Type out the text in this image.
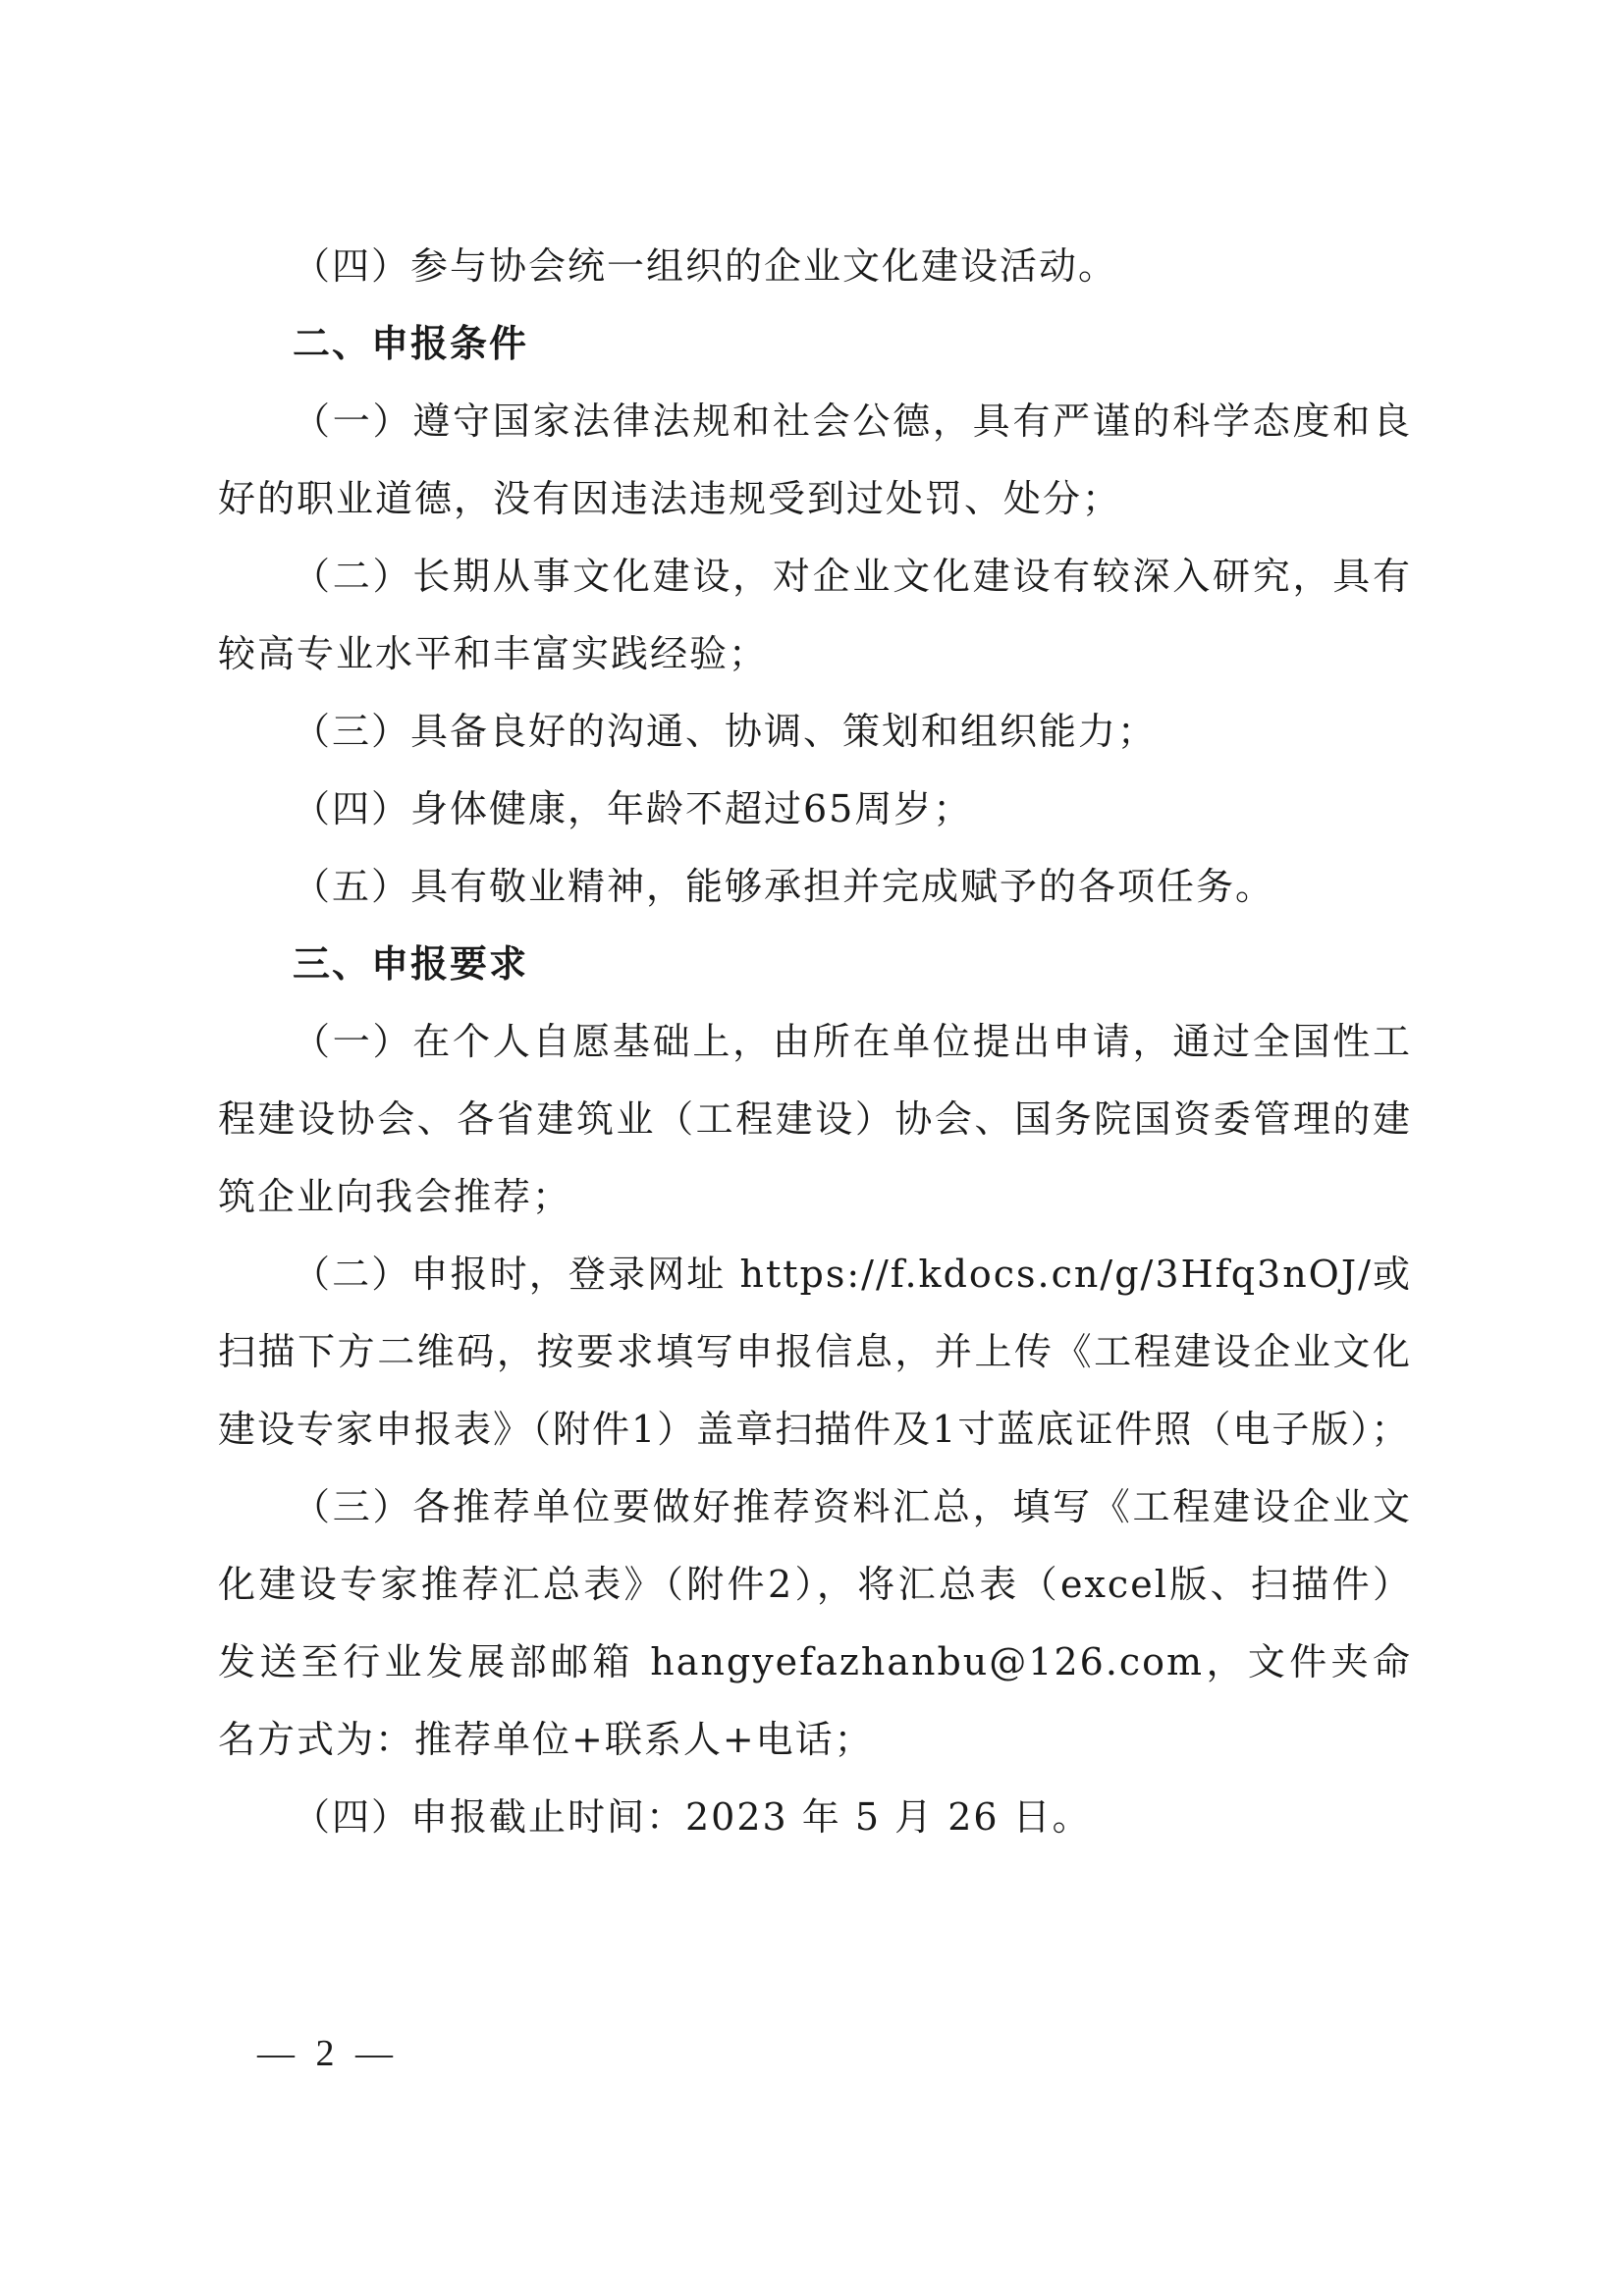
（四）参与协会统一组织的企业文化建设活动。

二、申报条件

（一）遵守国家法律法规和社会公德，具有严谨的科学态度和良好的职业道德，没有因违法违规受到过处罚、处分；

（二）长期从事文化建设，对企业文化建设有较深入研究，具有较高专业水平和丰富实践经验；

（三）具备良好的沟通、协调、策划和组织能力；

（四）身体健康，年龄不超过65周岁；

（五）具有敬业精神，能够承担并完成赋予的各项任务。

三、申报要求

（一）在个人自愿基础上，由所在单位提出申请，通过全国性工程建设协会、各省建筑业（工程建设）协会、国务院国资委管理的建筑企业向我会推荐；

（二）申报时，登录网址 https://f.kdocs.cn/g/3Hfq3nOJ/或扫描下方二维码，按要求填写申报信息，并上传《工程建设企业文化建设专家申报表》（附件1）盖章扫描件及1寸蓝底证件照（电子版）；

（三）各推荐单位要做好推荐资料汇总，填写《工程建设企业文化建设专家推荐汇总表》（附件2），将汇总表（excel版、扫描件）发送至行业发展部邮箱 hangyefazhanbu@126.com，文件夹命名方式为：推荐单位+联系人+电话；

（四）申报截止时间：2023 年 5 月 26 日。

— 2 —
